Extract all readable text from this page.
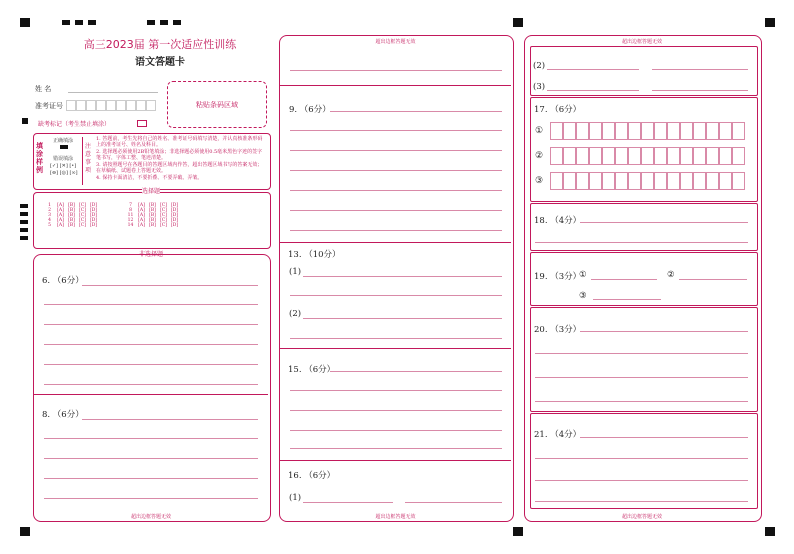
高三2023届 第一次适应性训练
语文答题卡
姓 名
准考证号	粘贴条码区域
缺考标记（考生禁止填涂）
填涂样例
正确填涂
错误填涂
[✓] [✕] [•] [⊖] [◎] [∞]
注意事项
1. 答题前，考生先将自己的姓名、准考证号码填写清楚，并认真核准条形码上的准考证号、姓名及科目。
2. 选择题必须使用2B铅笔填涂；非选择题必须使用0.5毫米黑色字迹的签字笔书写，字体工整、笔迹清楚。
3. 请按照题号在各题目的答题区域内作答，超出答题区域书写的答案无效；在草稿纸、试题卷上答题无效。
4. 保持卡面清洁，不要折叠、不要弄破、弄皱。
选择题
1 [A] [B] [C] [D]
2 [A] [B] [C] [D]
3 [A] [B] [C] [D]
4 [A] [B] [C] [D]
5 [A] [B] [C] [D]
7 [A] [B] [C] [D]
8 [A] [B] [C] [D]
11 [A] [B] [C] [D]
12 [A] [B] [C] [D]
14 [A] [B] [C] [D]
非选择题
6. （6分）
8. （6分）
超出边框答题无效
超出边框答题无效
9. （6分）
13. （10分）
(1)
(2)
15. （6分）
16. （6分）
(1)
超出边框答题无效
超出边框答题无效
(2)
(3)
17. （6分）
①
②
③
18. （4分）
19. （3分）
①	②
③
20. （3分）
21. （4分）
超出边框答题无效
